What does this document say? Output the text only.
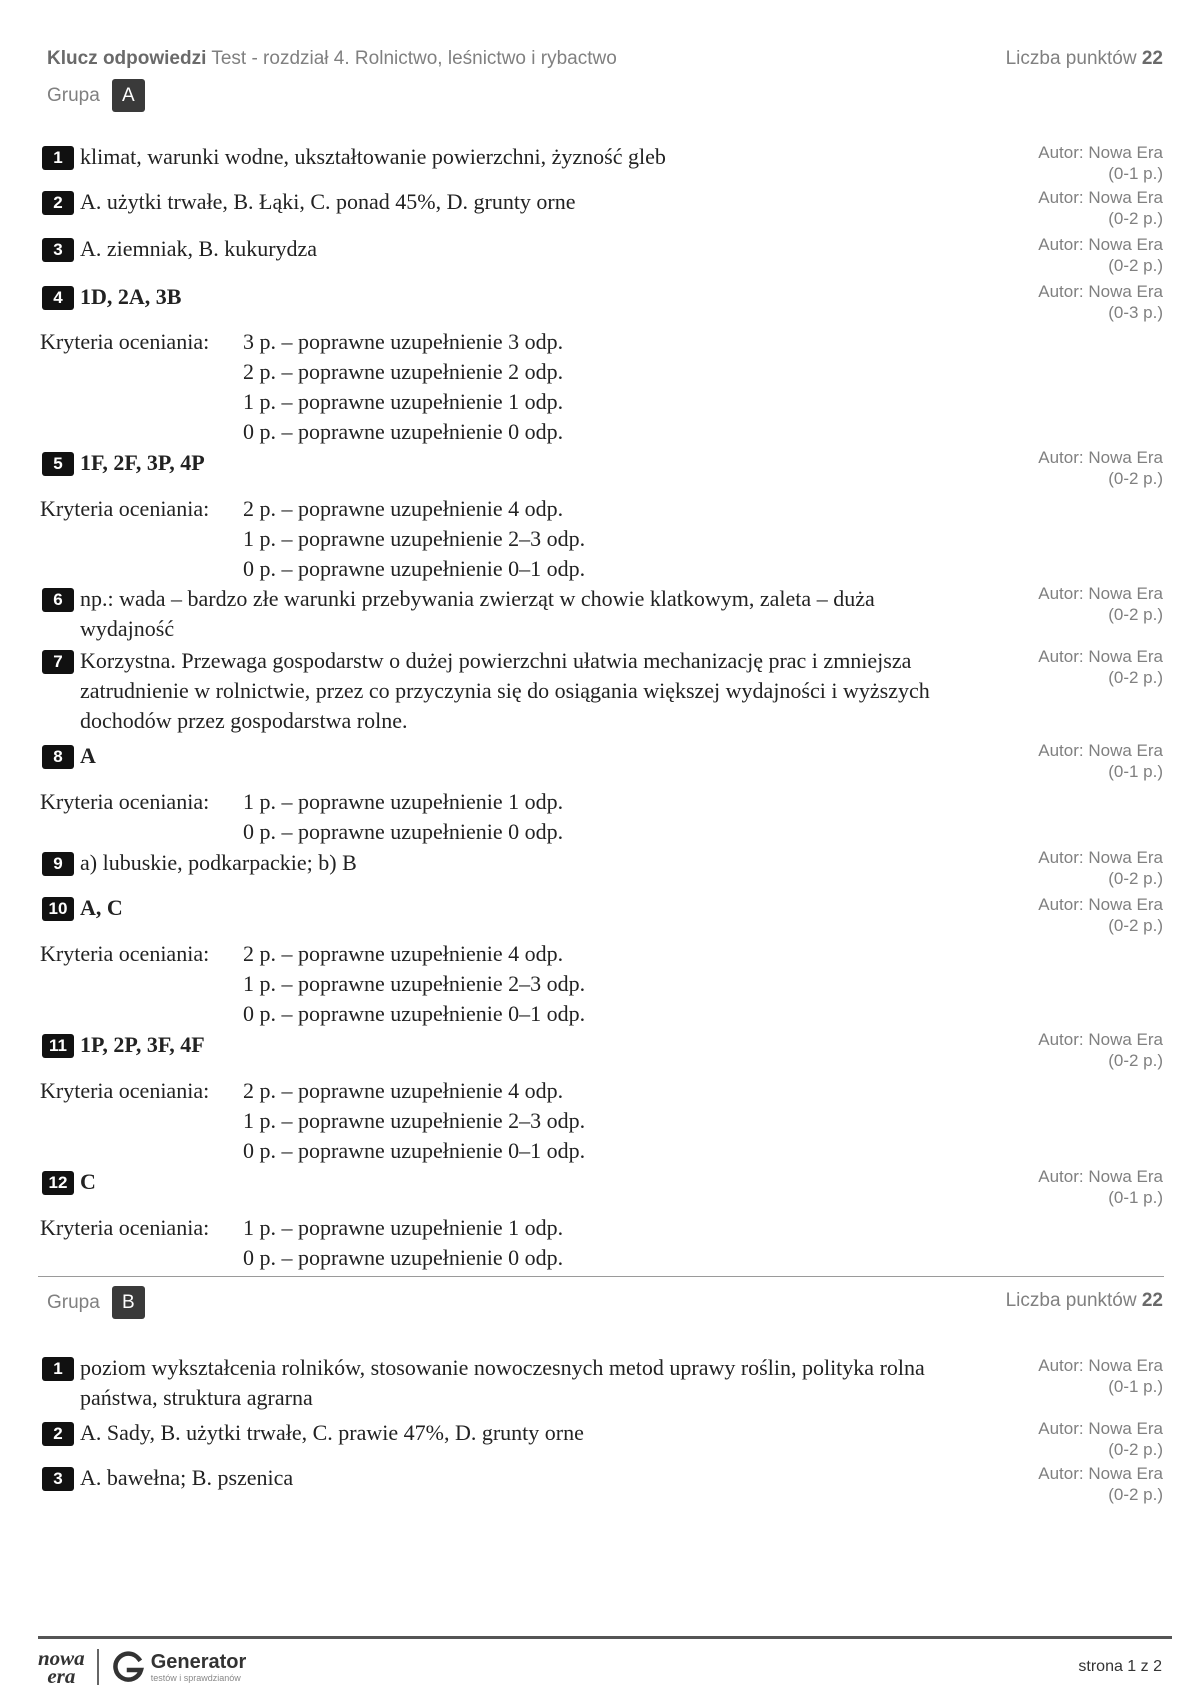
Klucz odpowiedzi Test - rozdział 4. Rolnictwo, leśnictwo i rybactwo	Liczba punktów 22
Grupa	A
1 klimat, warunki wodne, ukształtowanie powierzchni, żyzność gleb	Autor: Nowa Era
(0-1 p.)
2 A. użytki trwałe, B. Łąki, C. ponad 45%, D. grunty orne	Autor: Nowa Era
(0-2 p.)
3 A. ziemniak, B. kukurydza	Autor: Nowa Era
(0-2 p.)
4 1D, 2A, 3B	Autor: Nowa Era
(0-3 p.)
Kryteria oceniania:	3 p. – poprawne uzupełnienie 3 odp.
2 p. – poprawne uzupełnienie 2 odp.
1 p. – poprawne uzupełnienie 1 odp.
0 p. – poprawne uzupełnienie 0 odp.
5 1F, 2F, 3P, 4P	Autor: Nowa Era
(0-2 p.)
Kryteria oceniania:	2 p. – poprawne uzupełnienie 4 odp.
1 p. – poprawne uzupełnienie 2–3 odp.
0 p. – poprawne uzupełnienie 0–1 odp.
6 np.: wada – bardzo złe warunki przebywania zwierząt w chowie klatkowym, zaleta – duża wydajność
Autor: Nowa Era
(0-2 p.)
7 Korzystna. Przewaga gospodarstw o dużej powierzchni ułatwia mechanizację prac i zmniejsza zatrudnienie w rolnictwie, przez co przyczynia się do osiągania większej wydajności i wyższych dochodów przez gospodarstwa rolne.
Autor: Nowa Era
(0-2 p.)
8 A	Autor: Nowa Era
(0-1 p.)
Kryteria oceniania:	1 p. – poprawne uzupełnienie 1 odp.
0 p. – poprawne uzupełnienie 0 odp.
9 a) lubuskie, podkarpackie; b) B	Autor: Nowa Era
(0-2 p.)
10 A, C	Autor: Nowa Era
(0-2 p.)
Kryteria oceniania:	2 p. – poprawne uzupełnienie 4 odp.
1 p. – poprawne uzupełnienie 2–3 odp.
0 p. – poprawne uzupełnienie 0–1 odp.
11 1P, 2P, 3F, 4F	Autor: Nowa Era
(0-2 p.)
Kryteria oceniania:	2 p. – poprawne uzupełnienie 4 odp.
1 p. – poprawne uzupełnienie 2–3 odp.
0 p. – poprawne uzupełnienie 0–1 odp.
12 C	Autor: Nowa Era
(0-1 p.)
Kryteria oceniania:	1 p. – poprawne uzupełnienie 1 odp.
0 p. – poprawne uzupełnienie 0 odp.
Grupa	B	Liczba punktów 22
1 poziom wykształcenia rolników, stosowanie nowoczesnych metod uprawy roślin, polityka rolna państwa, struktura agrarna
Autor: Nowa Era
(0-1 p.)
2 A. Sady, B. użytki trwałe, C. prawie 47%, D. grunty orne	Autor: Nowa Era
(0-2 p.)
3 A. bawełna; B. pszenica	Autor: Nowa Era
(0-2 p.)
nowa
era
Generator
testów i sprawdzianów
strona 1 z 2
